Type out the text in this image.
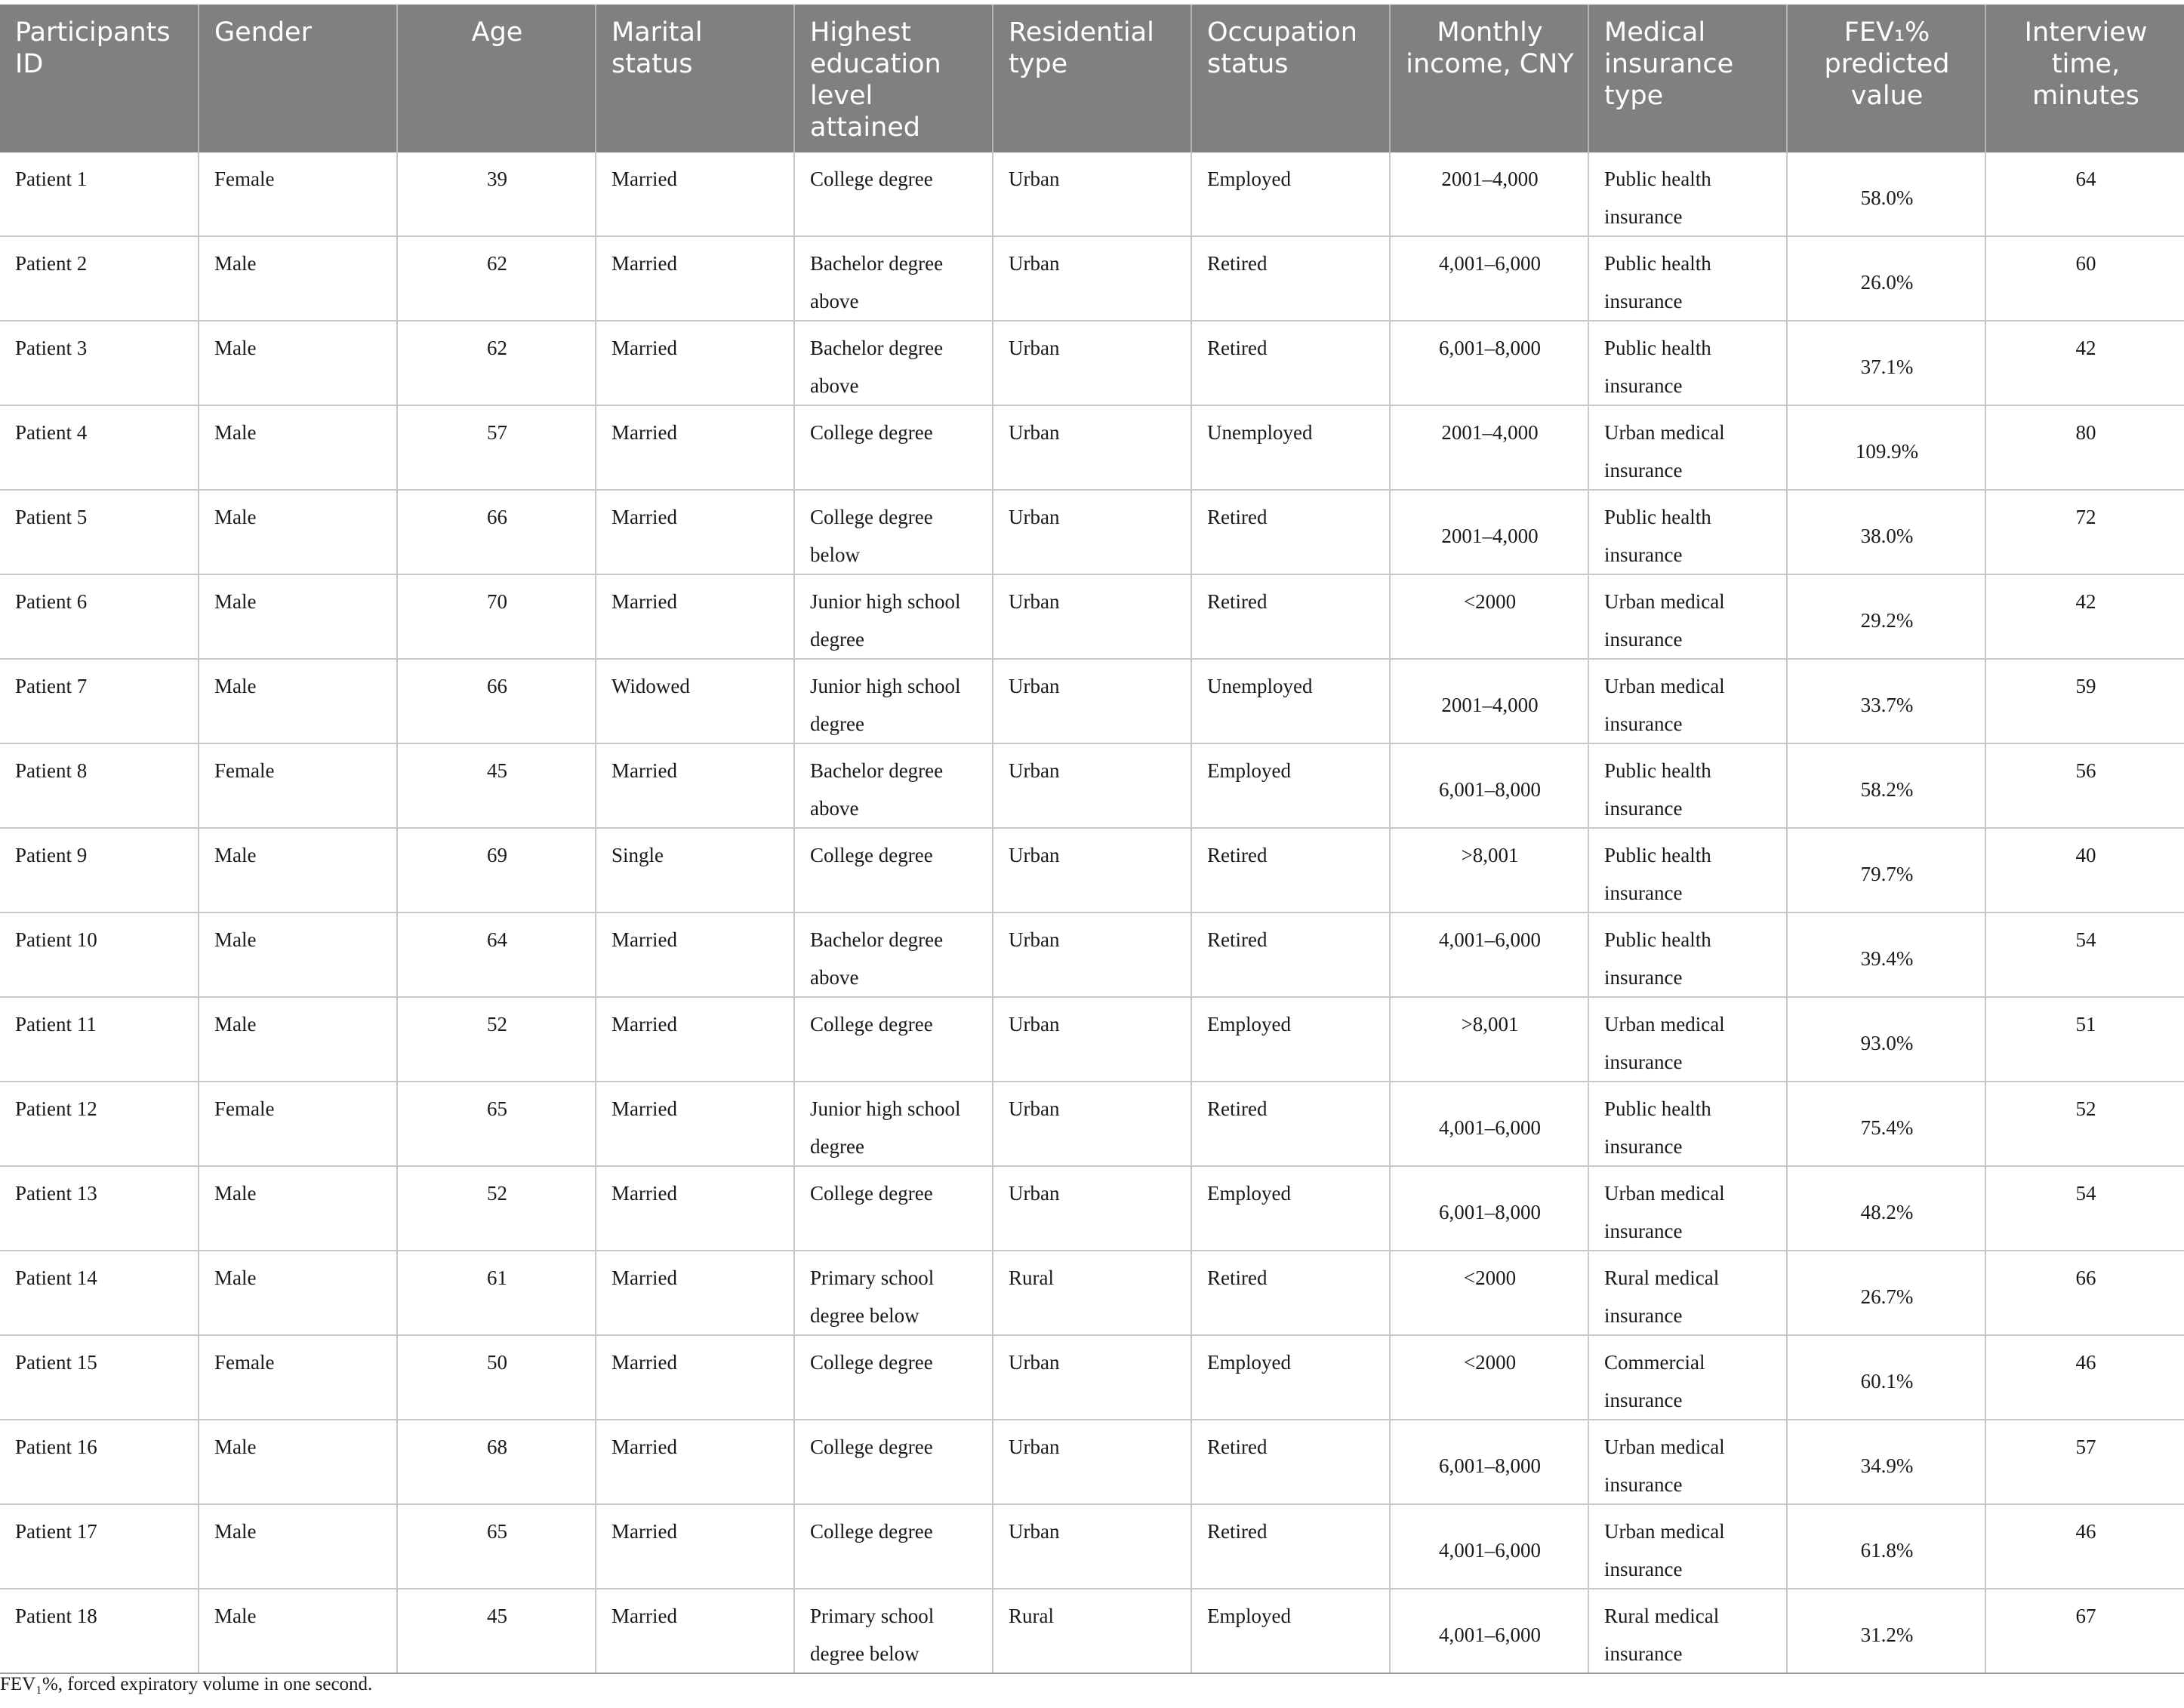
Participants ID	Gender	Age	Marital status	Highest education level attained	Residential type	Occupation status	Monthly income, CNY	Medical insurance type	FEV₁% predicted value	Interview time, minutes
Patient 1	Female	39	Married	College degree	Urban	Employed	2001–4,000	Public health insurance	58.0%	64
Patient 2	Male	62	Married	Bachelor degree above	Urban	Retired	4,001–6,000	Public health insurance	26.0%	60
Patient 3	Male	62	Married	Bachelor degree above	Urban	Retired	6,001–8,000	Public health insurance	37.1%	42
Patient 4	Male	57	Married	College degree	Urban	Unemployed	2001–4,000	Urban medical insurance	109.9%	80
Patient 5	Male	66	Married	College degree below	Urban	Retired	2001–4,000	Public health insurance	38.0%	72
Patient 6	Male	70	Married	Junior high school degree	Urban	Retired	<2000	Urban medical insurance	29.2%	42
Patient 7	Male	66	Widowed	Junior high school degree	Urban	Unemployed	2001–4,000	Urban medical insurance	33.7%	59
Patient 8	Female	45	Married	Bachelor degree above	Urban	Employed	6,001–8,000	Public health insurance	58.2%	56
Patient 9	Male	69	Single	College degree	Urban	Retired	>8,001	Public health insurance	79.7%	40
Patient 10	Male	64	Married	Bachelor degree above	Urban	Retired	4,001–6,000	Public health insurance	39.4%	54
Patient 11	Male	52	Married	College degree	Urban	Employed	>8,001	Urban medical insurance	93.0%	51
Patient 12	Female	65	Married	Junior high school degree	Urban	Retired	4,001–6,000	Public health insurance	75.4%	52
Patient 13	Male	52	Married	College degree	Urban	Employed	6,001–8,000	Urban medical insurance	48.2%	54
Patient 14	Male	61	Married	Primary school degree below	Rural	Retired	<2000	Rural medical insurance	26.7%	66
Patient 15	Female	50	Married	College degree	Urban	Employed	<2000	Commercial insurance	60.1%	46
Patient 16	Male	68	Married	College degree	Urban	Retired	6,001–8,000	Urban medical insurance	34.9%	57
Patient 17	Male	65	Married	College degree	Urban	Retired	4,001–6,000	Urban medical insurance	61.8%	46
Patient 18	Male	45	Married	Primary school degree below	Rural	Employed	4,001–6,000	Rural medical insurance	31.2%	67
FEV₁%, forced expiratory volume in one second.
